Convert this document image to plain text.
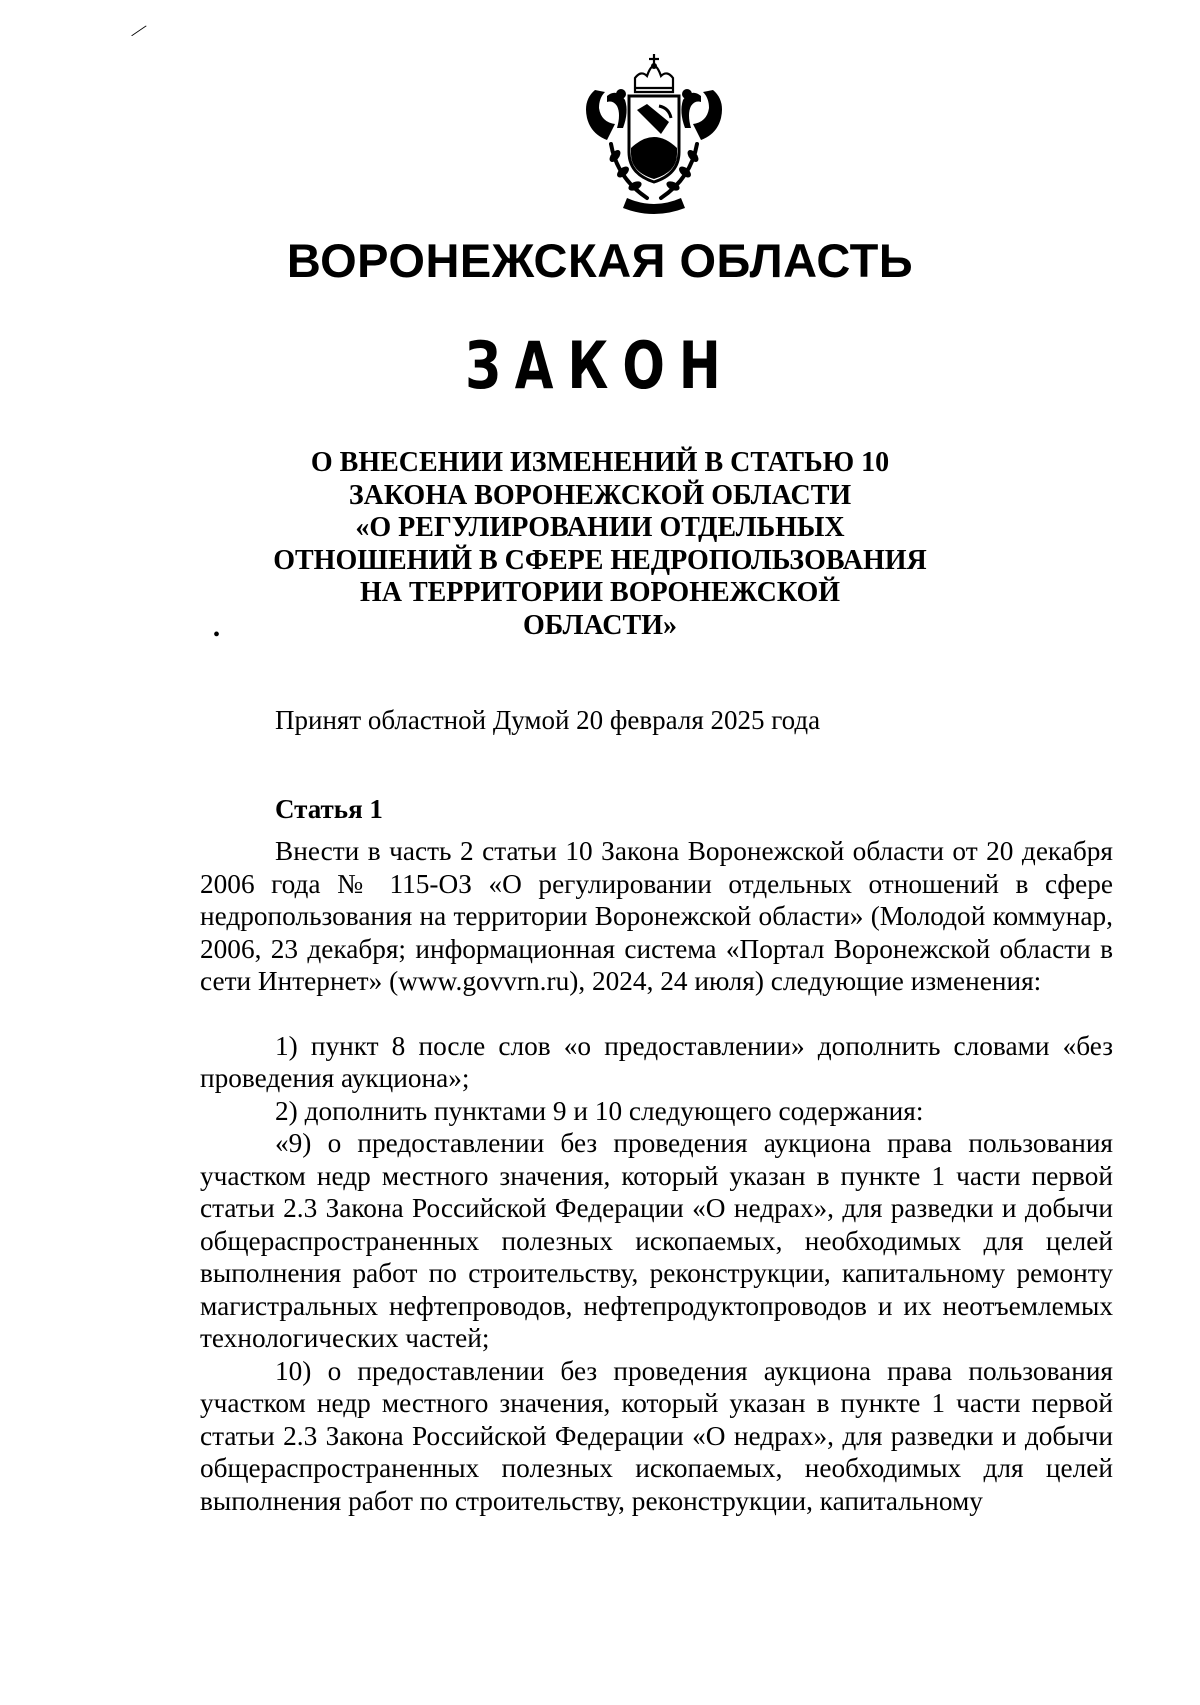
⁄
•
ВОРОНЕЖСКАЯ ОБЛАСТЬ
ЗАКОН
О ВНЕСЕНИИ ИЗМЕНЕНИЙ В СТАТЬЮ 10
ЗАКОНА ВОРОНЕЖСКОЙ ОБЛАСТИ
«О РЕГУЛИРОВАНИИ ОТДЕЛЬНЫХ
ОТНОШЕНИЙ В СФЕРЕ НЕДРОПОЛЬЗОВАНИЯ
НА ТЕРРИТОРИИ ВОРОНЕЖСКОЙ
ОБЛАСТИ»
Принят областной Думой 20 февраля 2025 года
Статья 1

Внести в часть 2 статьи 10 Закона Воронежской области от 20 декабря 2006 года № 115-ОЗ «О регулировании отдельных отношений в сфере недропользования на территории Воронежской области» (Молодой коммунар, 2006, 23 декабря; информационная система «Портал Воронежской области в сети Интернет» (www.govvrn.ru), 2024, 24 июля) следующие изменения:

1) пункт 8 после слов «о предоставлении» дополнить словами «без проведения аукциона»;

2) дополнить пунктами 9 и 10 следующего содержания:

«9) о предоставлении без проведения аукциона права пользования участком недр местного значения, который указан в пункте 1 части первой статьи 2.3 Закона Российской Федерации «О недрах», для разведки и добычи общераспространенных полезных ископаемых, необходимых для целей выполнения работ по строительству, реконструкции, капитальному ремонту магистральных нефтепроводов, нефтепродуктопроводов и их неотъемлемых технологических частей;

10) о предоставлении без проведения аукциона права пользования участком недр местного значения, который указан в пункте 1 части первой статьи 2.3 Закона Российской Федерации «О недрах», для разведки и добычи общераспространенных полезных ископаемых, необходимых для целей выполнения работ по строительству, реконструкции, капитальному
